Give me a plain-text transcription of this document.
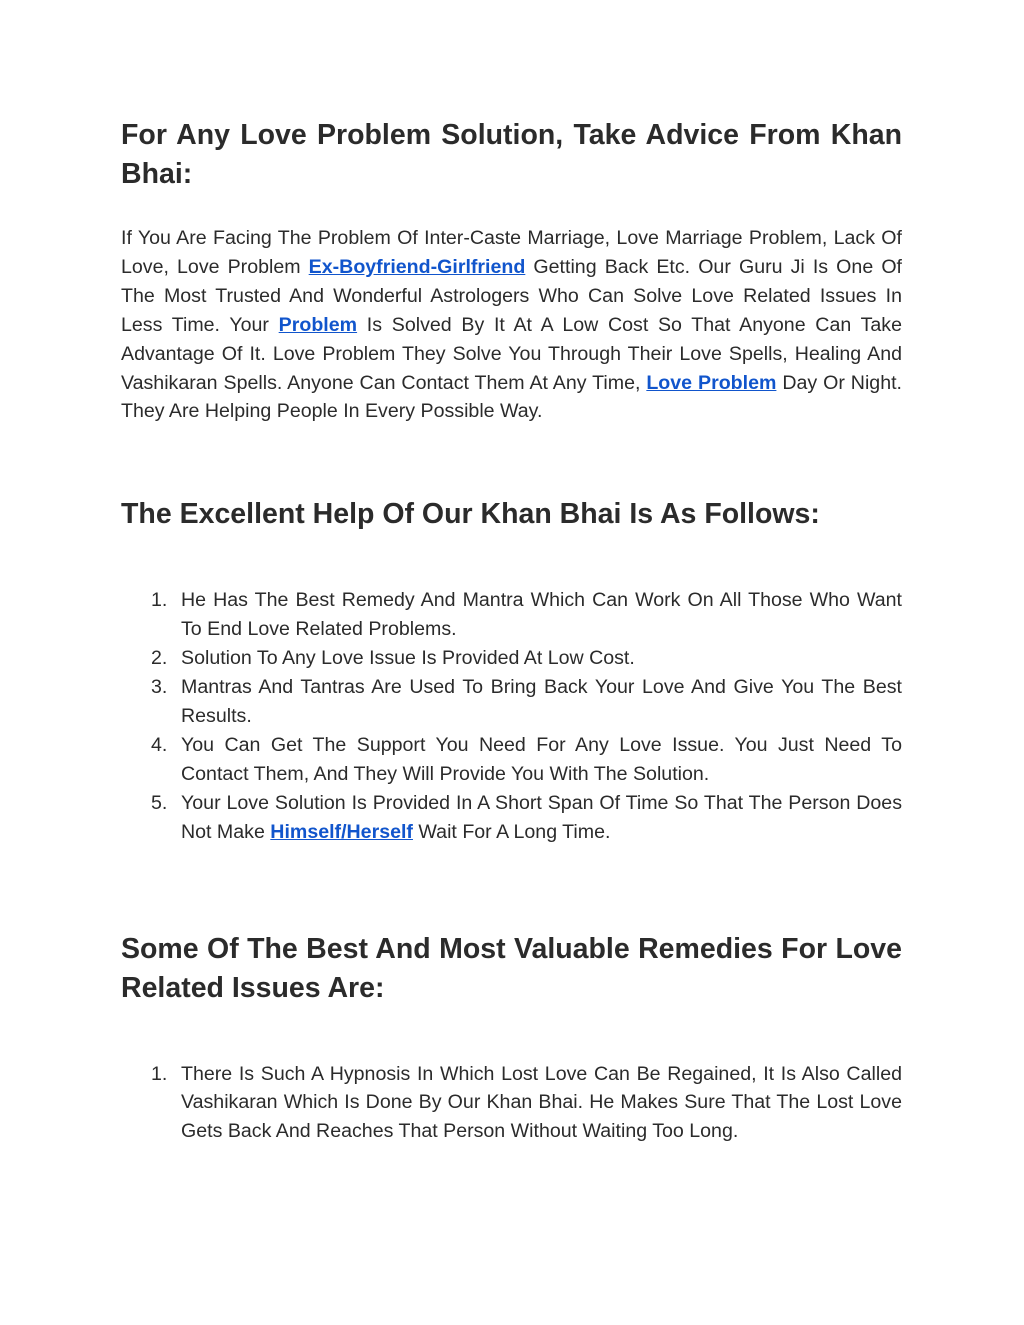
For Any Love Problem Solution, Take Advice From Khan Bhai:

If You Are Facing The Problem Of Inter-Caste Marriage, Love Marriage Problem, Lack Of Love, Love Problem Ex-Boyfriend-Girlfriend Getting Back Etc. Our Guru Ji Is One Of The Most Trusted And Wonderful Astrologers Who Can Solve Love Related Issues In Less Time. Your Problem Is Solved By It At A Low Cost So That Anyone Can Take Advantage Of It. Love Problem They Solve You Through Their Love Spells, Healing And Vashikaran Spells. Anyone Can Contact Them At Any Time, Love Problem Day Or Night. They Are Helping People In Every Possible Way.

The Excellent Help Of Our Khan Bhai Is As Follows:
1. He Has The Best Remedy And Mantra Which Can Work On All Those Who Want To End Love Related Problems.
2. Solution To Any Love Issue Is Provided At Low Cost.
3. Mantras And Tantras Are Used To Bring Back Your Love And Give You The Best Results.
4. You Can Get The Support You Need For Any Love Issue. You Just Need To Contact Them, And They Will Provide You With The Solution.
5. Your Love Solution Is Provided In A Short Span Of Time So That The Person Does Not Make Himself/Herself Wait For A Long Time.
Some Of The Best And Most Valuable Remedies For Love Related Issues Are:
1. There Is Such A Hypnosis In Which Lost Love Can Be Regained, It Is Also Called Vashikaran Which Is Done By Our Khan Bhai. He Makes Sure That The Lost Love Gets Back And Reaches That Person Without Waiting Too Long.
